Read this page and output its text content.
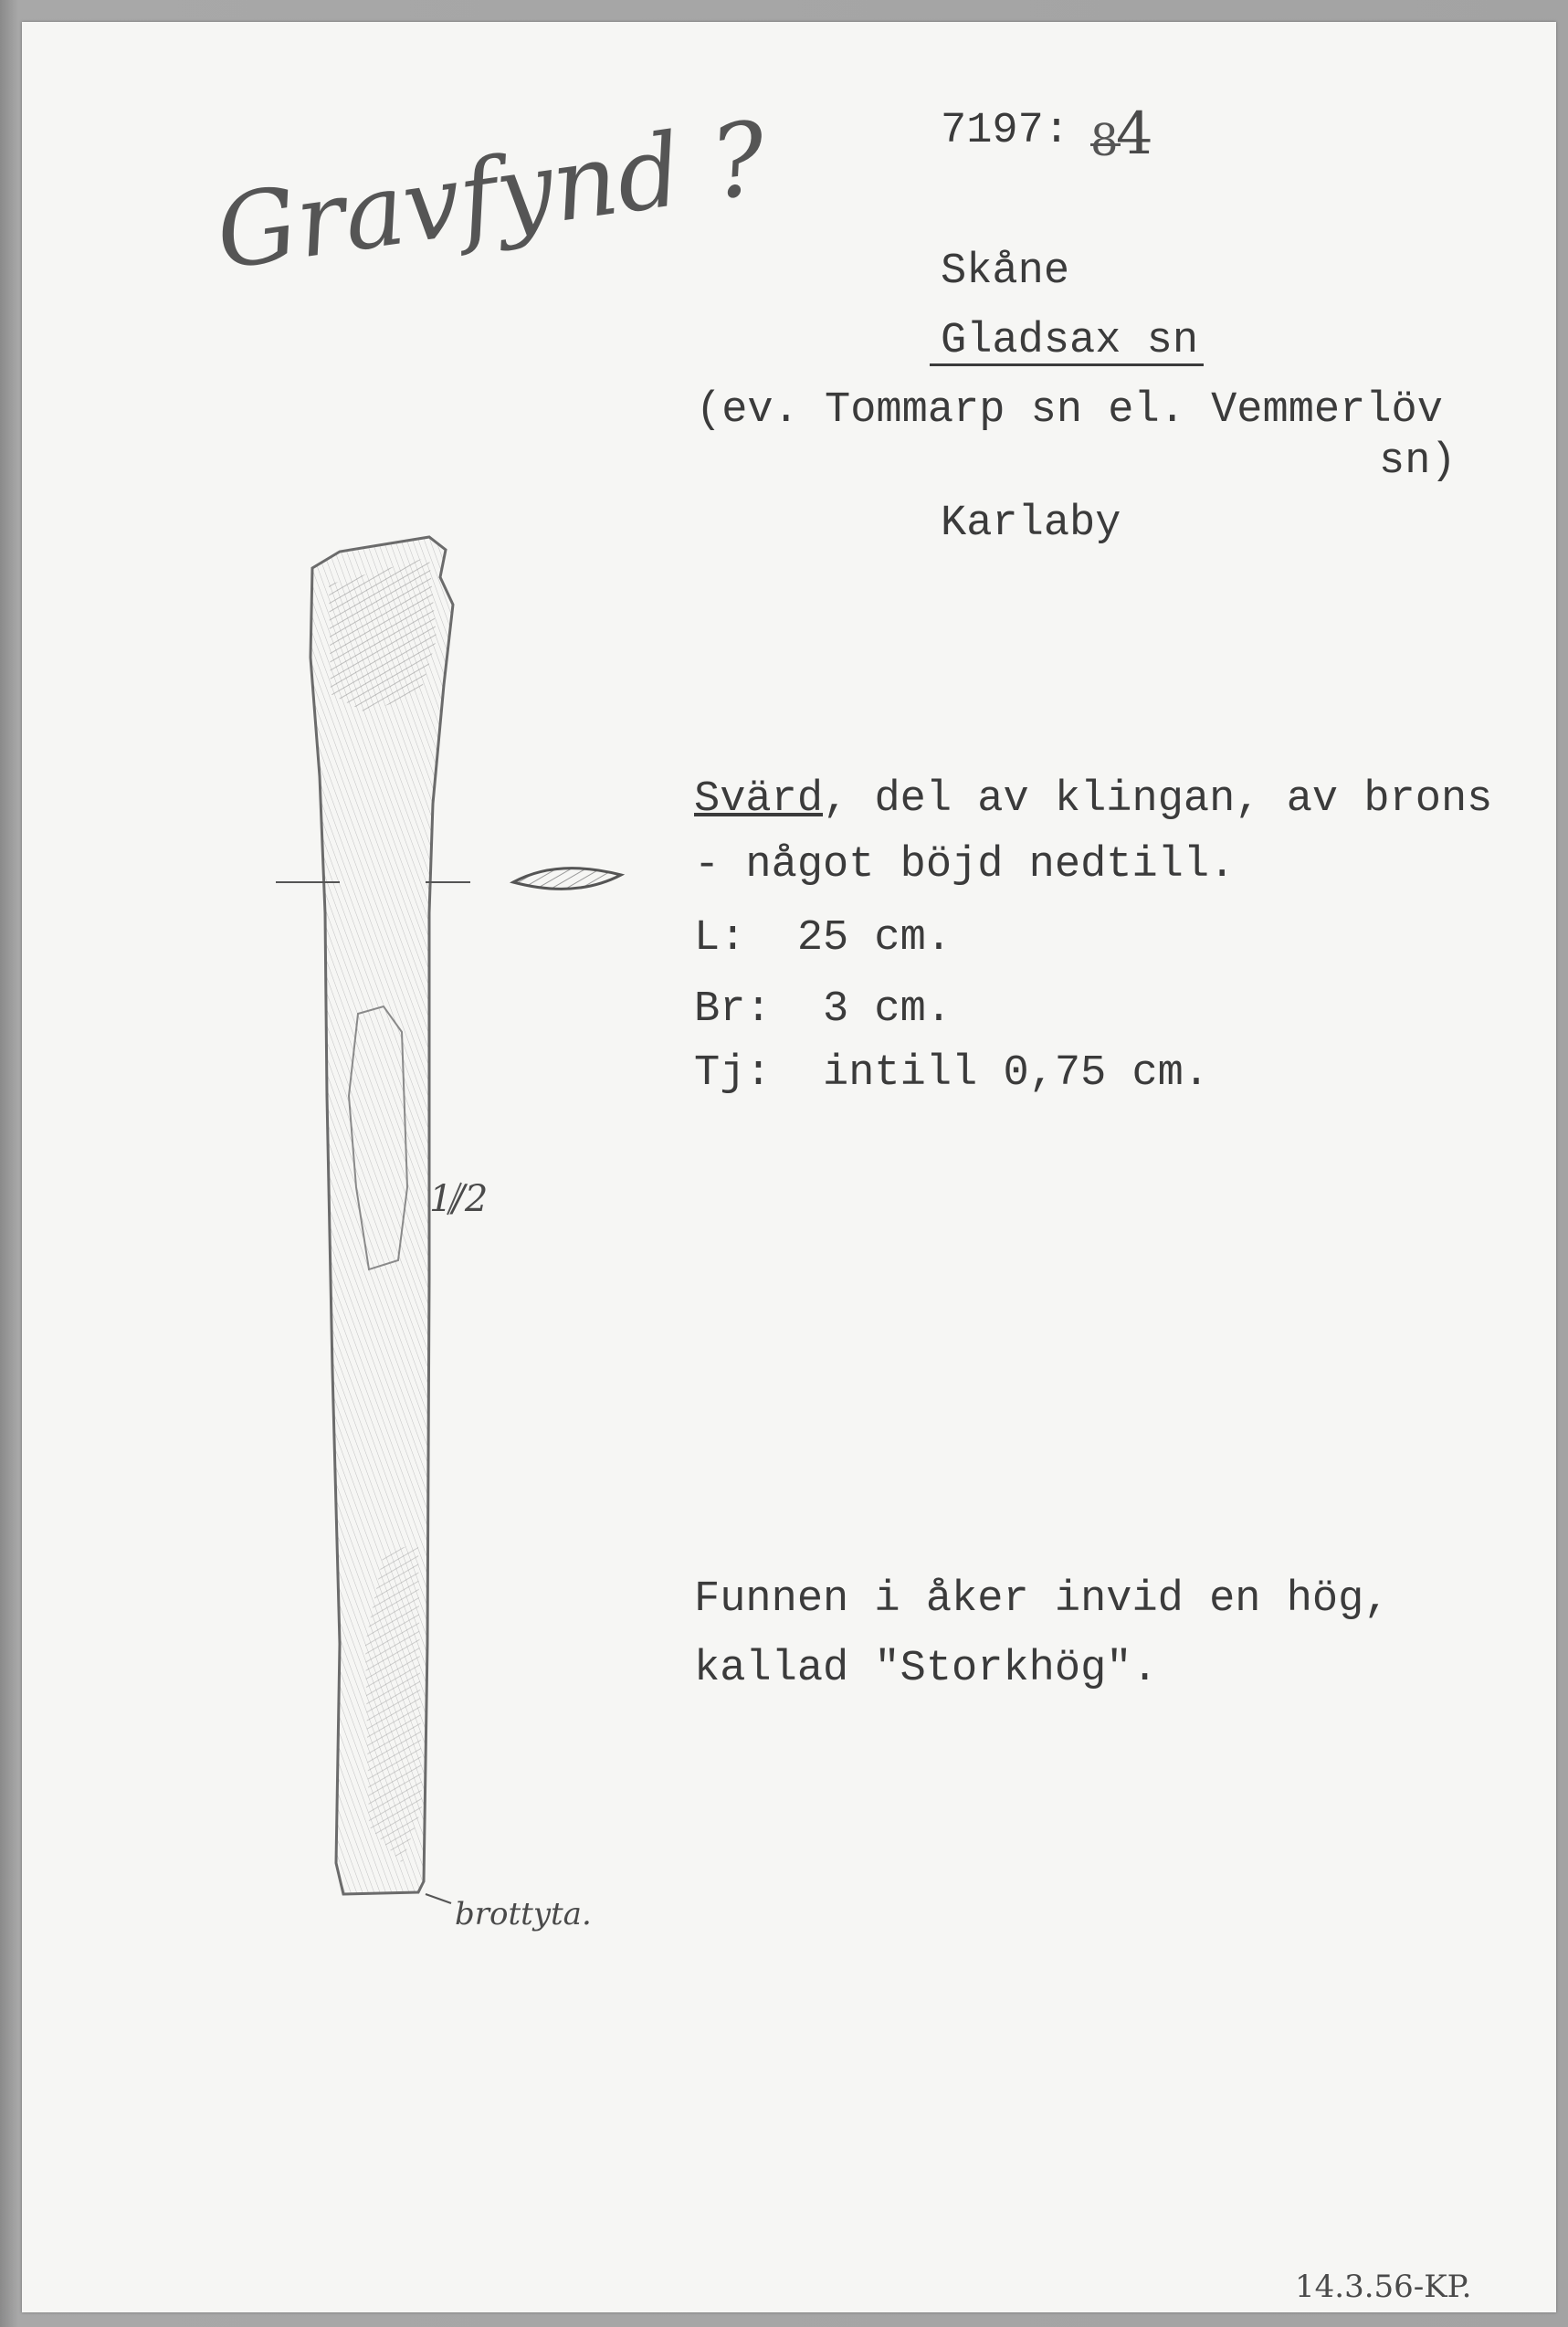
Gravfynd ?	7197: 8
4
Skåne
Gladsax sn
(ev. Tommarp sn el. Vemmerlöv
sn)
Karlaby
Svärd, del av klingan, av brons
- något böjd nedtill.
L:  25 cm.
Br:  3 cm.
Tj:  intill 0,75 cm.
Funnen i åker invid en hög,
kallad "Storkhög".
1/2
brottyta.
14.3.56-KP.
